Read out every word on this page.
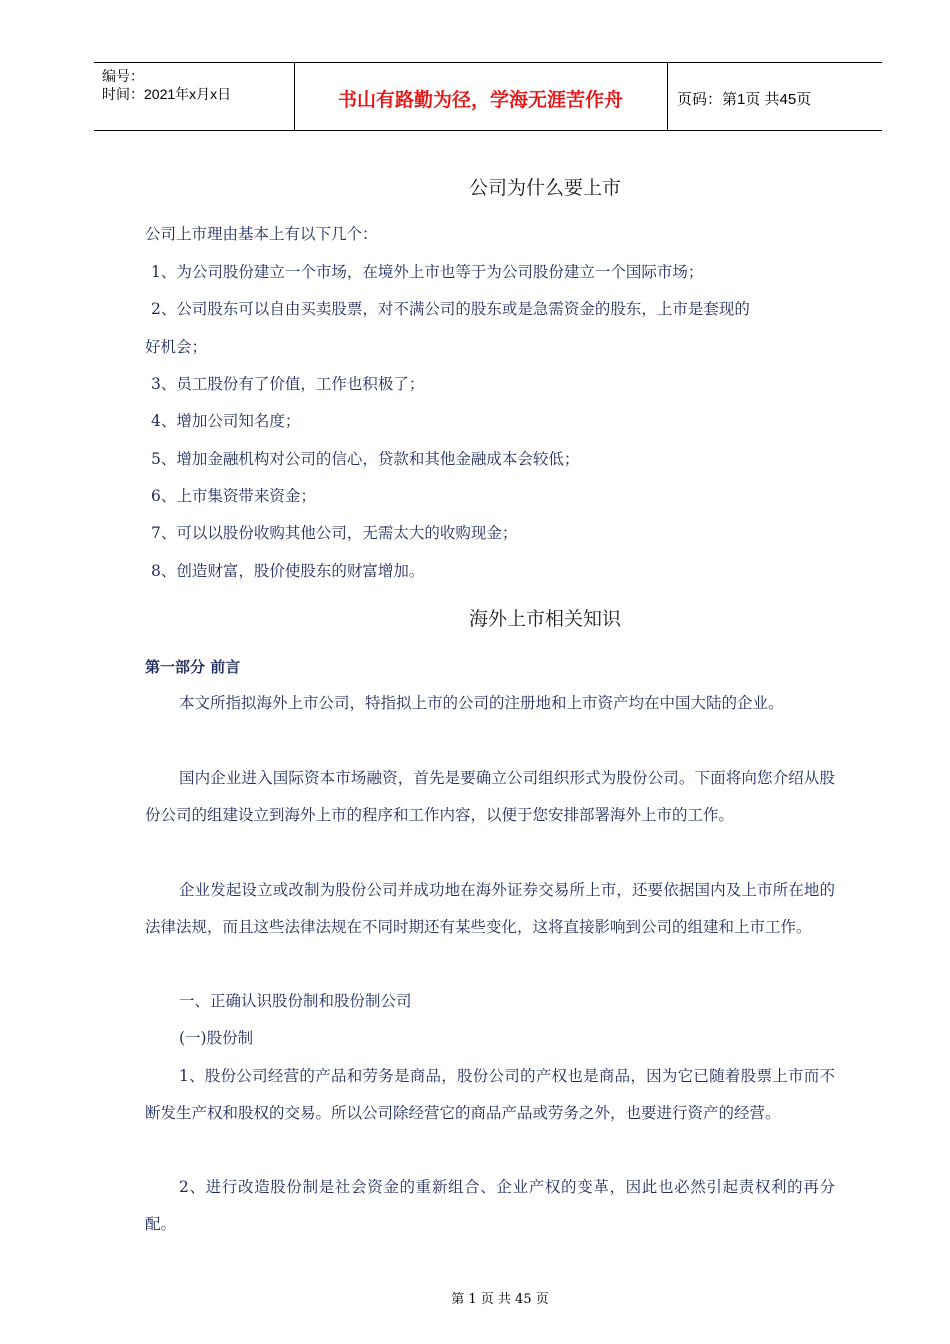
编号：
时间：2021年x月x日	书山有路勤为径，学海无涯苦作舟	页码：第1页 共45页
公司为什么要上市
公司上市理由基本上有以下几个：
1、为公司股份建立一个市场，在境外上市也等于为公司股份建立一个国际市场；
2、公司股东可以自由买卖股票，对不满公司的股东或是急需资金的股东，上市是套现的
好机会；
3、员工股份有了价值，工作也积极了；
4、增加公司知名度；
5、增加金融机构对公司的信心，贷款和其他金融成本会较低；
6、上市集资带来资金；
7、可以以股份收购其他公司，无需太大的收购现金；
8、创造财富，股价使股东的财富增加。
海外上市相关知识
第一部分 前言
本文所指拟海外上市公司，特指拟上市的公司的注册地和上市资产均在中国大陆的企业。
国内企业进入国际资本市场融资，首先是要确立公司组织形式为股份公司。下面将向您介绍从股份公司的组建设立到海外上市的程序和工作内容，以便于您安排部署海外上市的工作。
企业发起设立或改制为股份公司并成功地在海外证券交易所上市，还要依据国内及上市所在地的法律法规，而且这些法律法规在不同时期还有某些变化，这将直接影响到公司的组建和上市工作。
一、正确认识股份制和股份制公司
(一)股份制
1、股份公司经营的产品和劳务是商品，股份公司的产权也是商品，因为它已随着股票上市而不断发生产权和股权的交易。所以公司除经营它的商品产品或劳务之外，也要进行资产的经营。
2、进行改造股份制是社会资金的重新组合、企业产权的变革，因此也必然引起责权利的再分配。
第 1 页 共 45 页
